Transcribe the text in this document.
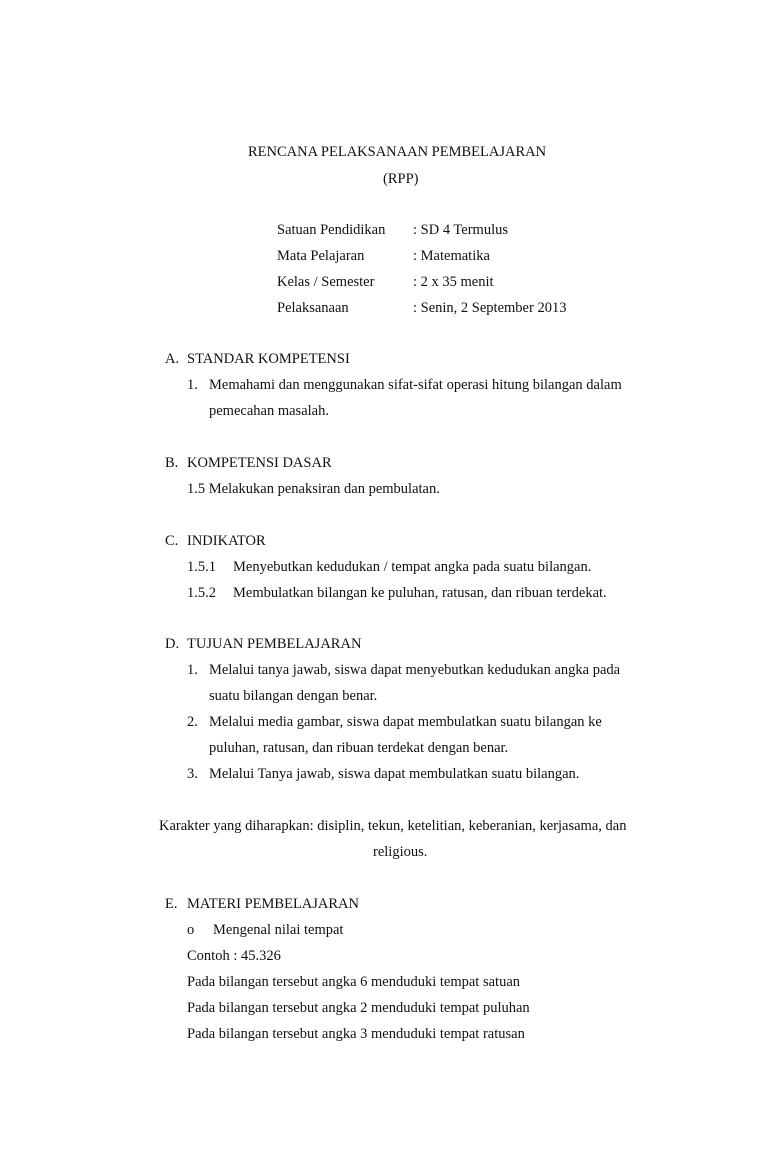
RENCANA PELAKSANAAN PEMBELAJARAN
(RPP)
Satuan Pendidikan : SD 4 Termulus
Mata Pelajaran	: Matematika
Kelas / Semester	: 2 x 35 menit
Pelaksanaan	: Senin, 2 September 2013
A. STANDAR KOMPETENSI
1. Memahami dan menggunakan sifat-sifat operasi hitung bilangan dalam
pemecahan masalah.
B. KOMPETENSI DASAR
1.5 Melakukan penaksiran dan pembulatan.
C. INDIKATOR
1.5.1 Menyebutkan kedudukan / tempat angka pada suatu bilangan.
1.5.2 Membulatkan bilangan ke puluhan, ratusan, dan ribuan terdekat.
D. TUJUAN PEMBELAJARAN
1. Melalui tanya jawab, siswa dapat menyebutkan kedudukan angka pada
suatu bilangan dengan benar.
2. Melalui media gambar, siswa dapat membulatkan suatu bilangan ke
puluhan, ratusan, dan ribuan terdekat dengan benar.
3. Melalui Tanya jawab, siswa dapat membulatkan suatu bilangan.
Karakter yang diharapkan: disiplin, tekun, ketelitian, keberanian, kerjasama, dan
religious.
E. MATERI PEMBELAJARAN
o Mengenal nilai tempat
Contoh : 45.326
Pada bilangan tersebut angka 6 menduduki tempat satuan
Pada bilangan tersebut angka 2 menduduki tempat puluhan
Pada bilangan tersebut angka 3 menduduki tempat ratusan
